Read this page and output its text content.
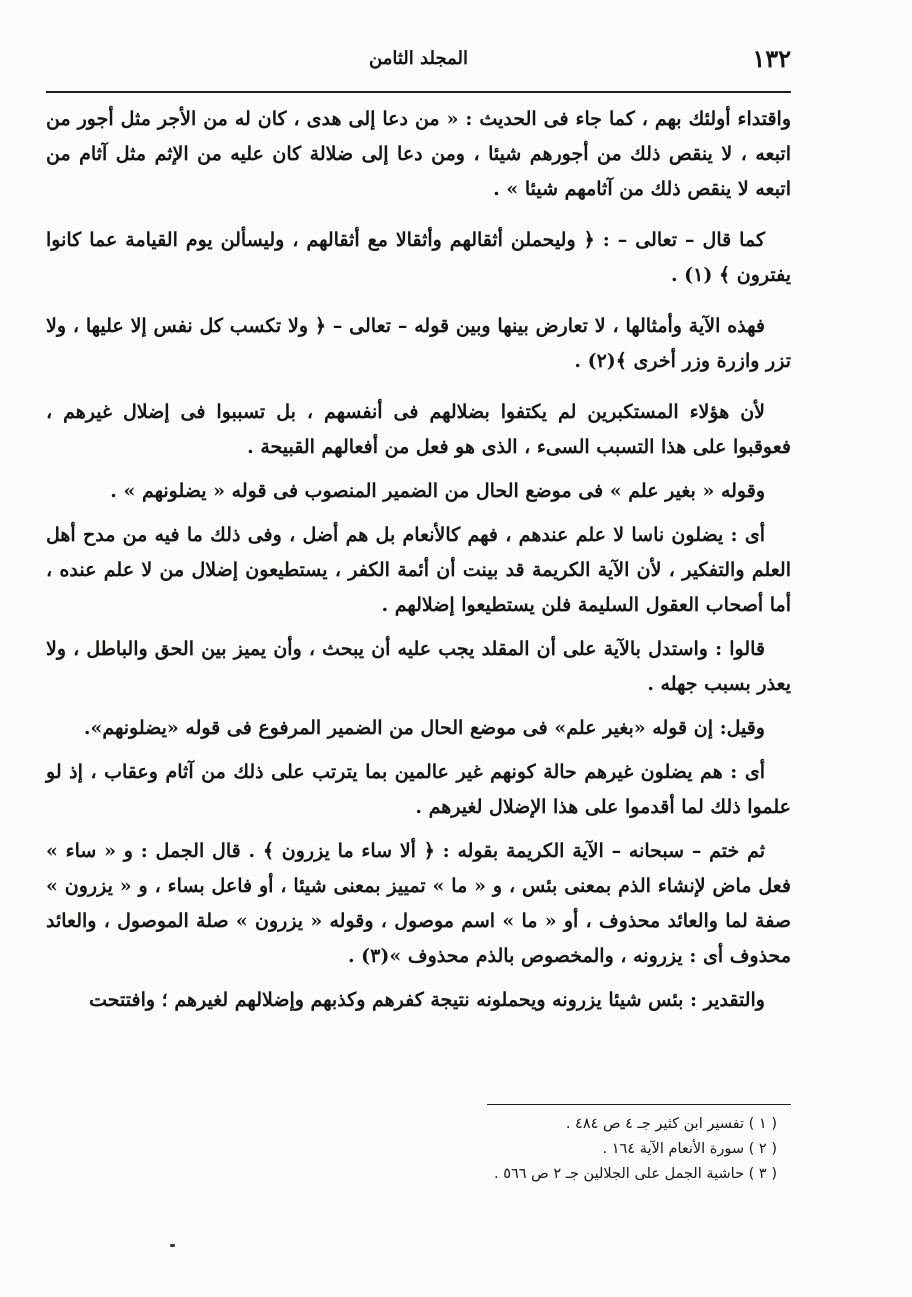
١٣٢
المجلد الثامن

واقتداء أولئك بهم ، كما جاء فى الحديث : « من دعا إلى هدى ، كان له من الأجر مثل أجور من اتبعه ، لا ينقص ذلك من أجورهم شيئا ، ومن دعا إلى ضلالة كان عليه من الإثم مثل آثام من اتبعه لا ينقص ذلك من آثامهم شيئا » .

كما قال – تعالى – : ﴿ وليحملن أثقالهم وأثقالا مع أثقالهم ، وليسألن يوم القيامة عما كانوا يفترون ﴾ (١) .

فهذه الآية وأمثالها ، لا تعارض بينها وبين قوله – تعالى – ﴿ ولا تكسب كل نفس إلا عليها ، ولا تزر وازرة وزر أخرى ﴾(٢) .

لأن هؤلاء المستكبرين لم يكتفوا بضلالهم فى أنفسهم ، بل تسببوا فى إضلال غيرهم ، فعوقبوا على هذا التسبب السىء ، الذى هو فعل من أفعالهم القبيحة .

وقوله « بغير علم » فى موضع الحال من الضمير المنصوب فى قوله « يضلونهم » .

أى : يضلون ناسا لا علم عندهم ، فهم كالأنعام بل هم أضل ، وفى ذلك ما فيه من مدح أهل العلم والتفكير ، لأن الآية الكريمة قد بينت أن أئمة الكفر ، يستطيعون إضلال من لا علم عنده ، أما أصحاب العقول السليمة فلن يستطيعوا إضلالهم .

قالوا : واستدل بالآية على أن المقلد يجب عليه أن يبحث ، وأن يميز بين الحق والباطل ، ولا يعذر بسبب جهله .

وقيل: إن قوله «بغير علم» فى موضع الحال من الضمير المرفوع فى قوله «يضلونهم».

أى : هم يضلون غيرهم حالة كونهم غير عالمين بما يترتب على ذلك من آثام وعقاب ، إذ لو علموا ذلك لما أقدموا على هذا الإضلال لغيرهم .

ثم ختم – سبحانه – الآية الكريمة بقوله : ﴿ ألا ساء ما يزرون ﴾ . قال الجمل : و « ساء » فعل ماض لإنشاء الذم بمعنى بئس ، و « ما » تمييز بمعنى شيئا ، أو فاعل بساء ، و « يزرون » صفة لما والعائد محذوف ، أو « ما » اسم موصول ، وقوله « يزرون » صلة الموصول ، والعائد محذوف أى : يزرونه ، والمخصوص بالذم محذوف »(٣) .

والتقدير : بئس شيئا يزرونه ويحملونه نتيجة كفرهم وكذبهم وإضلالهم لغيرهم ؛ وافتتحت

( ١ ) تفسير ابن كثير جـ ٤ ص ٤٨٤ .
( ٢ ) سورة الأنعام الآية ١٦٤ .
( ٣ ) حاشية الجمل على الجلالين جـ ٢ ص ٥٦٦ .
